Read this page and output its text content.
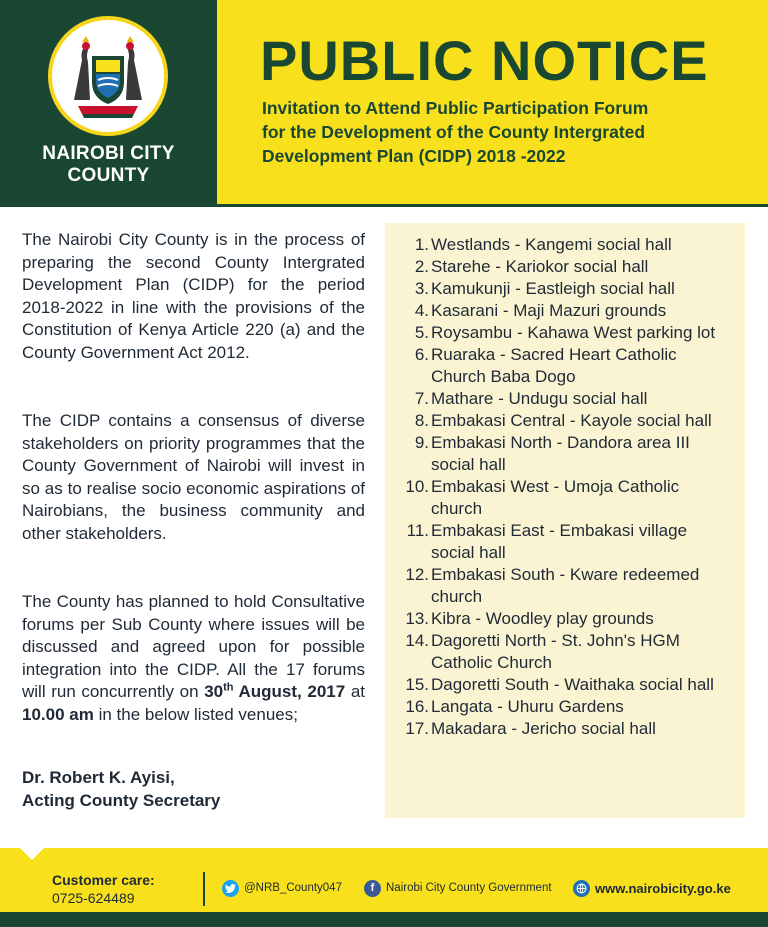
NAIROBI CITY
COUNTY
PUBLIC NOTICE
Invitation to Attend Public Participation Forum
for the Development of the County Intergrated
Development Plan (CIDP) 2018 -2022
The Nairobi City County is in the process of preparing the second County Intergrated Development Plan (CIDP) for the period 2018-2022 in line with the provisions of the Constitution of Kenya Article 220 (a) and the County Government Act 2012.
The CIDP contains a consensus of diverse stakeholders on priority programmes that the County Government of Nairobi will invest in so as to realise socio economic aspirations of Nairobians, the business community and other stakeholders.
The County has planned to hold Consultative forums per Sub County where issues will be discussed and agreed upon for possible integration into the CIDP. All the 17 forums will run concurrently on 30th August, 2017 at 10.00 am in the below listed venues;
Dr. Robert K. Ayisi,
Acting County Secretary
1. Westlands - Kangemi social hall
2. Starehe - Kariokor social hall
3. Kamukunji - Eastleigh social hall
4. Kasarani - Maji Mazuri grounds
5. Roysambu - Kahawa West parking lot
6. Ruaraka - Sacred Heart Catholic Church Baba Dogo
7. Mathare - Undugu social hall
8. Embakasi Central - Kayole social hall
9. Embakasi North - Dandora area III social hall
10. Embakasi West - Umoja Catholic church
11. Embakasi East - Embakasi village social hall
12. Embakasi South - Kware redeemed church
13. Kibra - Woodley play grounds
14. Dagoretti North - St. John's HGM Catholic Church
15. Dagoretti South - Waithaka social hall
16. Langata - Uhuru Gardens
17. Makadara - Jericho social hall
Customer care:
0725-624489
@NRB_County047	f	Nairobi City County Government	www.nairobicity.go.ke
